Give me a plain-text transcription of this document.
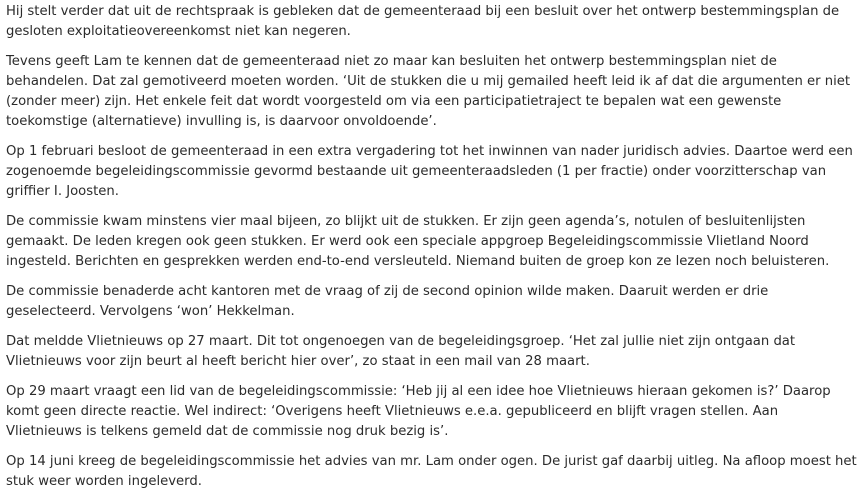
Hij stelt verder dat uit de rechtspraak is gebleken dat de gemeenteraad bij een besluit over het ontwerp bestemmingsplan de gesloten exploitatieovereenkomst niet kan negeren.

Tevens geeft Lam te kennen dat de gemeenteraad niet zo maar kan besluiten het ontwerp bestemmingsplan niet de behandelen. Dat zal gemotiveerd moeten worden. ‘Uit de stukken die u mij gemailed heeft leid ik af dat die argumenten er niet (zonder meer) zijn. Het enkele feit dat wordt voorgesteld om via een participatietraject te bepalen wat een gewenste toekomstige (alternatieve) invulling is, is daarvoor onvoldoende’.

Op 1 februari besloot de gemeenteraad in een extra vergadering tot het inwinnen van nader juridisch advies. Daartoe werd een zogenoemde begeleidingscommissie gevormd bestaande uit gemeenteraadsleden (1 per fractie) onder voorzitterschap van griffier I. Joosten.

De commissie kwam minstens vier maal bijeen, zo blijkt uit de stukken. Er zijn geen agenda’s, notulen of besluitenlijsten gemaakt. De leden kregen ook geen stukken. Er werd ook een speciale appgroep Begeleidingscommissie Vlietland Noord ingesteld. Berichten en gesprekken werden end-to-end versleuteld. Niemand buiten de groep kon ze lezen noch beluisteren.

De commissie benaderde acht kantoren met de vraag of zij de second opinion wilde maken. Daaruit werden er drie geselecteerd. Vervolgens ‘won’ Hekkelman.

Dat meldde Vlietnieuws op 27 maart. Dit tot ongenoegen van de begeleidingsgroep. ‘Het zal jullie niet zijn ontgaan dat Vlietnieuws voor zijn beurt al heeft bericht hier over’, zo staat in een mail van 28 maart.

Op 29 maart vraagt een lid van de begeleidingscommissie: ‘Heb jij al een idee hoe Vlietnieuws hieraan gekomen is?’ Daarop komt geen directe reactie. Wel indirect: ‘Overigens heeft Vlietnieuws e.e.a. gepubliceerd en blijft vragen stellen. Aan Vlietnieuws is telkens gemeld dat de commissie nog druk bezig is’.

Op 14 juni kreeg de begeleidingscommissie het advies van mr. Lam onder ogen. De jurist gaf daarbij uitleg. Na afloop moest het stuk weer worden ingeleverd.
